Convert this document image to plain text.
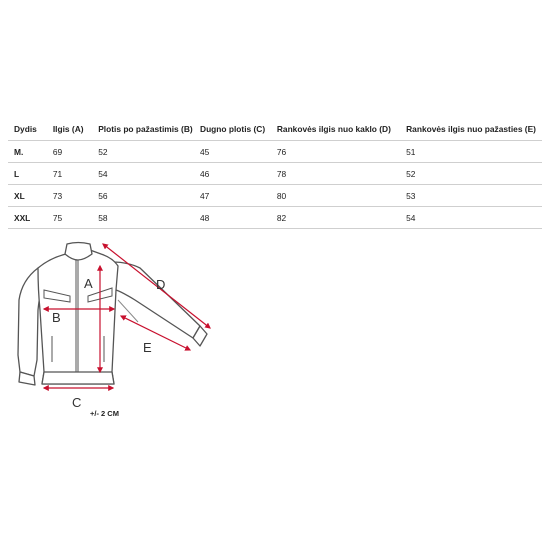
Dydis	Ilgis (A)	Plotis po pažastimis (B)	Dugno plotis (C)	Rankovės ilgis nuo kaklo (D)	Rankovės ilgis nuo pažasties (E)
M.	69	52	45	76	51
L	71	54	46	78	52
XL	73	56	47	80	53
XXL	75	58	48	82	54
A
B
C
D
E
+/- 2 CM
